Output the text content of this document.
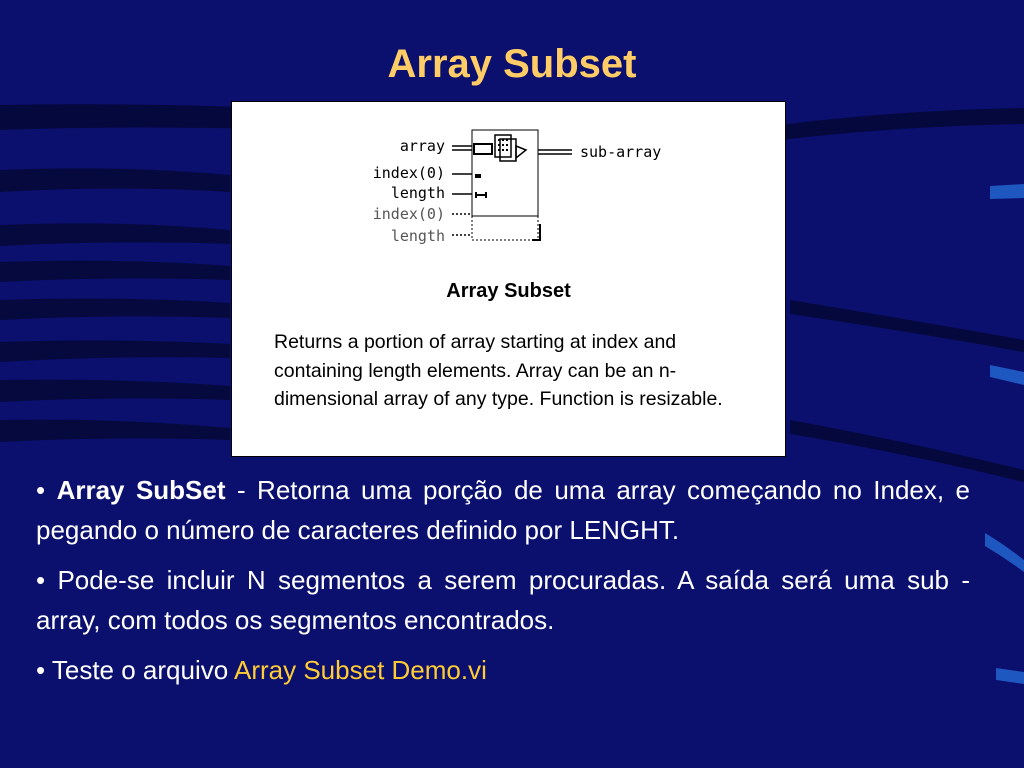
Array Subset
array
index(0)
length
index(0)
length
sub-array
Array Subset
Returns a portion of array starting at index and containing length elements. Array can be an n-dimensional array of any type. Function is resizable.

• Array SubSet - Retorna uma porção de uma array começando no Index, e pegando o número de caracteres definido por LENGHT.

• Pode-se incluir N segmentos a serem procuradas. A saída será uma sub - array, com todos os segmentos encontrados.

• Teste o arquivo Array Subset Demo.vi
